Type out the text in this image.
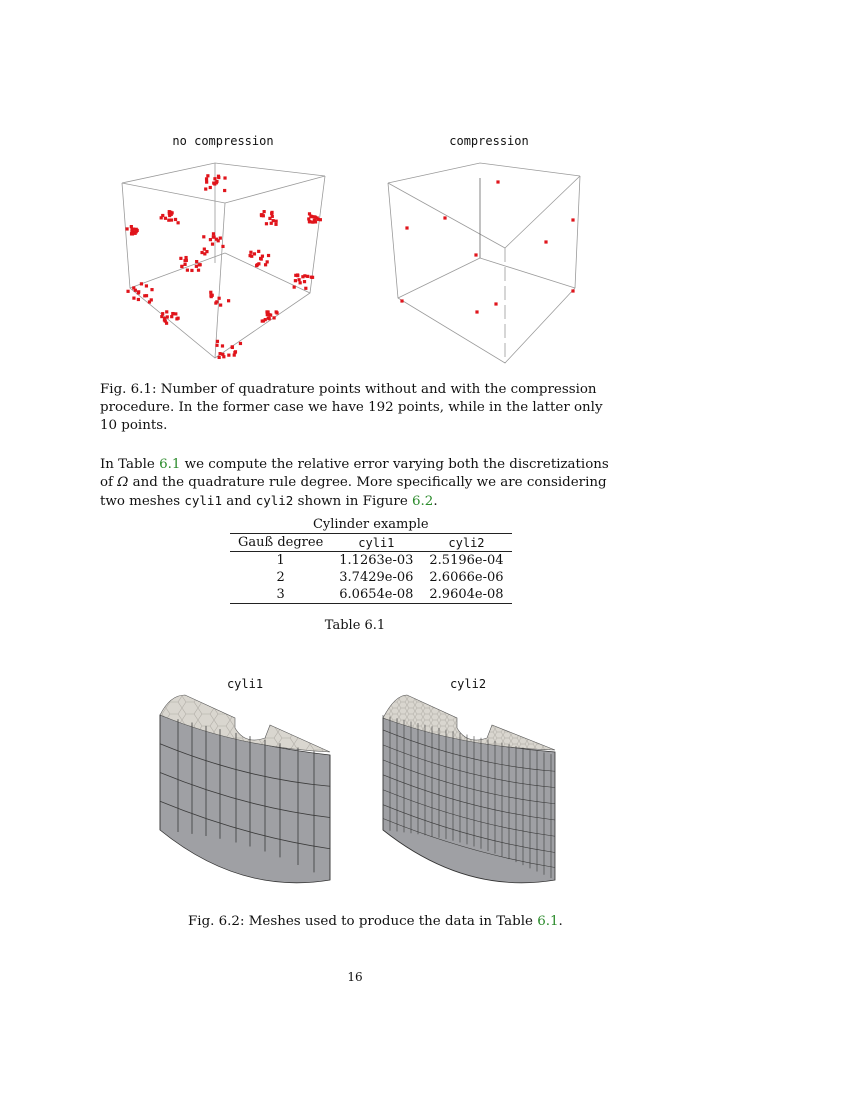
no compression	compression
Fig. 6.1: Number of quadrature points without and with the compression procedure. In the former case we have 192 points, while in the latter only 10 points.
In Table 6.1 we compute the relative error varying both the discretizations of Ω and the quadrature rule degree. More specifically we are considering two meshes cyli1 and cyli2 shown in Figure 6.2.
Cylinder example
Gauß degree	cyli1	cyli2
1	1.1263e-03	2.5196e-04
2	3.7429e-06	2.6066e-06
3	6.0654e-08	2.9604e-08
Table 6.1
cyli1	cyli2
Fig. 6.2: Meshes used to produce the data in Table 6.1.
16
